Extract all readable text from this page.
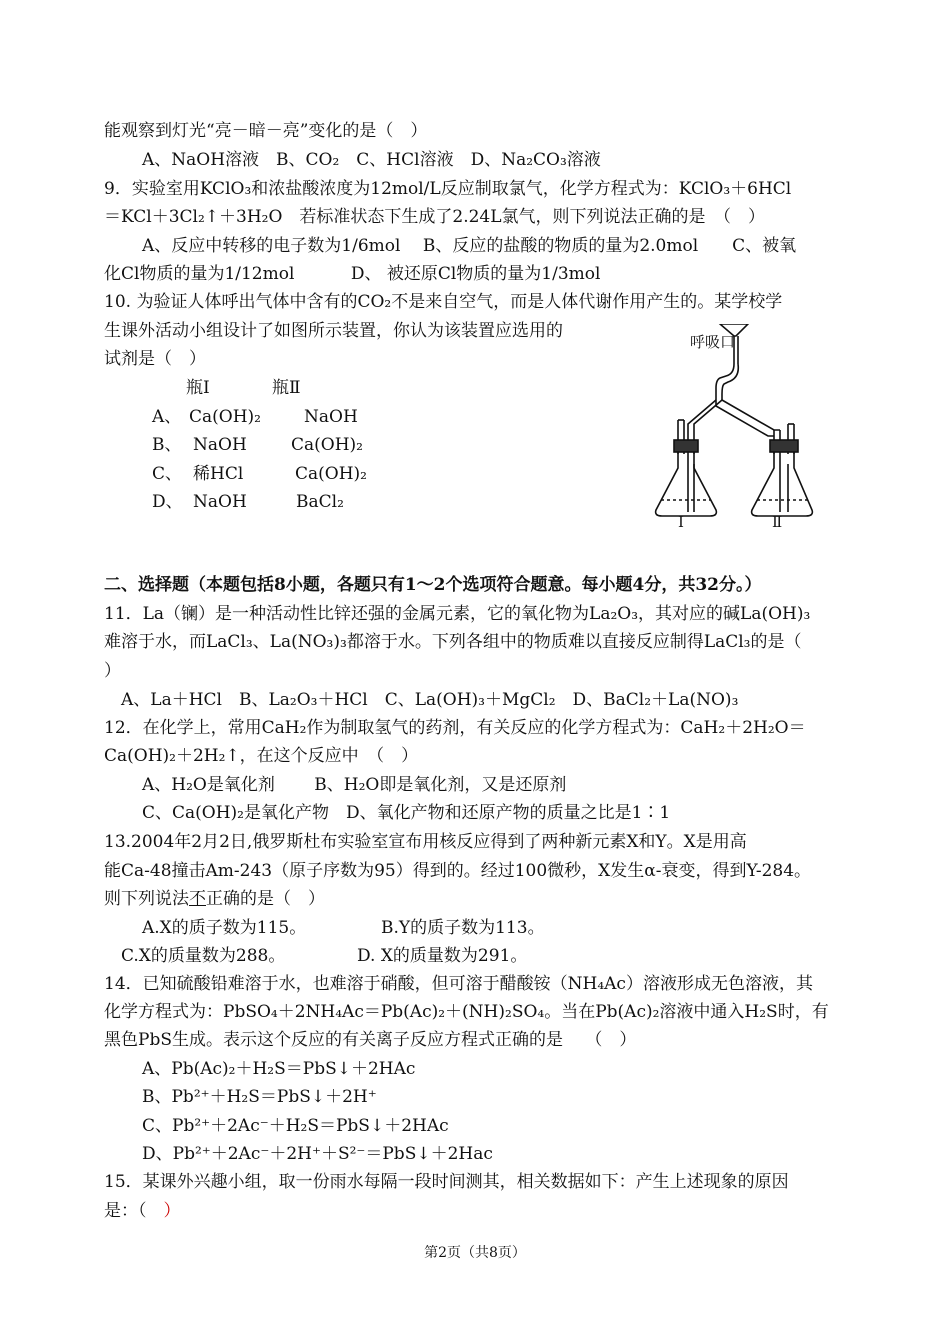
能观察到灯光“亮－暗－亮”变化的是（　）
A、NaOH溶液　B、CO₂　C、HCl溶液　D、Na₂CO₃溶液
9．实验室用KClO₃和浓盐酸浓度为12mol/L反应制取氯气，化学方程式为：KClO₃＋6HCl
＝KCl＋3Cl₂↑＋3H₂O　若标准状态下生成了2.24L氯气，则下列说法正确的是　（　）
A、反应中转移的电子数为1/6mol　 B、反应的盐酸的物质的量为2.0mol　　C、被氧
化Cl物质的量为1/12mol　　　 D、 被还原Cl物质的量为1/3mol
10. 为验证人体呼出气体中含有的CO₂不是来自空气，而是人体代谢作用产生的。某学校学
生课外活动小组设计了如图所示装置，你认为该装置应选用的
试剂是（　）
瓶Ⅰ	瓶Ⅱ
A、 Ca(OH)₂	NaOH
B、 NaOH	Ca(OH)₂
C、 稀HCl	Ca(OH)₂
D、 NaOH	BaCl₂
呼吸口
Ⅰ	Ⅱ
二、选择题（本题包括8小题，各题只有1～2个选项符合题意。每小题4分，共32分。）
11．La（镧）是一种活动性比锌还强的金属元素，它的氧化物为La₂O₃，其对应的碱La(OH)₃
难溶于水，而LaCl₃、La(NO₃)₃都溶于水。下列各组中的物质难以直接反应制得LaCl₃的是（
）
A、La＋HCl　B、La₂O₃＋HCl　C、La(OH)₃＋MgCl₂　D、BaCl₂＋La(NO)₃
12．在化学上，常用CaH₂作为制取氢气的药剂，有关反应的化学方程式为：CaH₂＋2H₂O＝
Ca(OH)₂＋2H₂↑，在这个反应中　（　）
A、H₂O是氧化剂　　 B、H₂O即是氧化剂，又是还原剂
C、Ca(OH)₂是氧化产物　D、氧化产物和还原产物的质量之比是1∶1
13.2004年2月2日,俄罗斯杜布实验室宣布用核反应得到了两种新元素X和Y。X是用高
能Ca-48撞击Am-243（原子序数为95）得到的。经过100微秒，X发生α-衰变，得到Y-284。
则下列说法不正确的是（　）
A.X的质子数为115。	B.Y的质子数为113。
C.X的质量数为288。	D. X的质量数为291。
14．已知硫酸铅难溶于水，也难溶于硝酸，但可溶于醋酸铵（NH₄Ac）溶液形成无色溶液，其
化学方程式为：PbSO₄＋2NH₄Ac＝Pb(Ac)₂＋(NH)₂SO₄。当在Pb(Ac)₂溶液中通入H₂S时，有
黑色PbS生成。表示这个反应的有关离子反应方程式正确的是　 （　）
A、Pb(Ac)₂＋H₂S＝PbS↓＋2HAc
B、Pb²⁺＋H₂S＝PbS↓＋2H⁺
C、Pb²⁺＋2Ac⁻＋H₂S＝PbS↓＋2HAc
D、Pb²⁺＋2Ac⁻＋2H⁺＋S²⁻＝PbS↓＋2Hac
15．某课外兴趣小组，取一份雨水每隔一段时间测其，相关数据如下：产生上述现象的原因
是：（　）
第2页（共8页）
